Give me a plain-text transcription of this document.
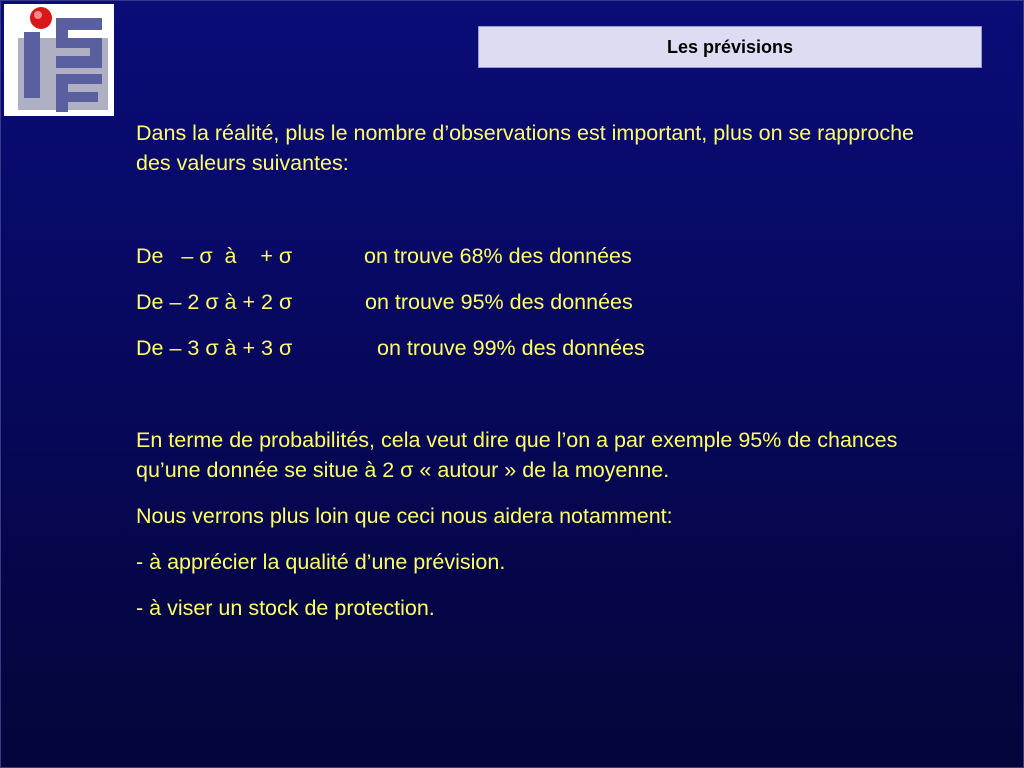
Les prévisions

Dans la réalité, plus le nombre d’observations est important, plus on se rapproche des valeurs suivantes:

De   – σ  à    + σ	on trouve 68% des données
De – 2 σ à + 2 σ	on trouve 95% des données
De – 3 σ à + 3 σ	on trouve 99% des données

En terme de probabilités, cela veut dire que l’on a par exemple 95% de chances qu’une donnée se situe à 2 σ « autour » de la moyenne.

Nous verrons plus loin que ceci nous aidera notamment:

- à apprécier la qualité d’une prévision.

- à viser un stock de protection.
